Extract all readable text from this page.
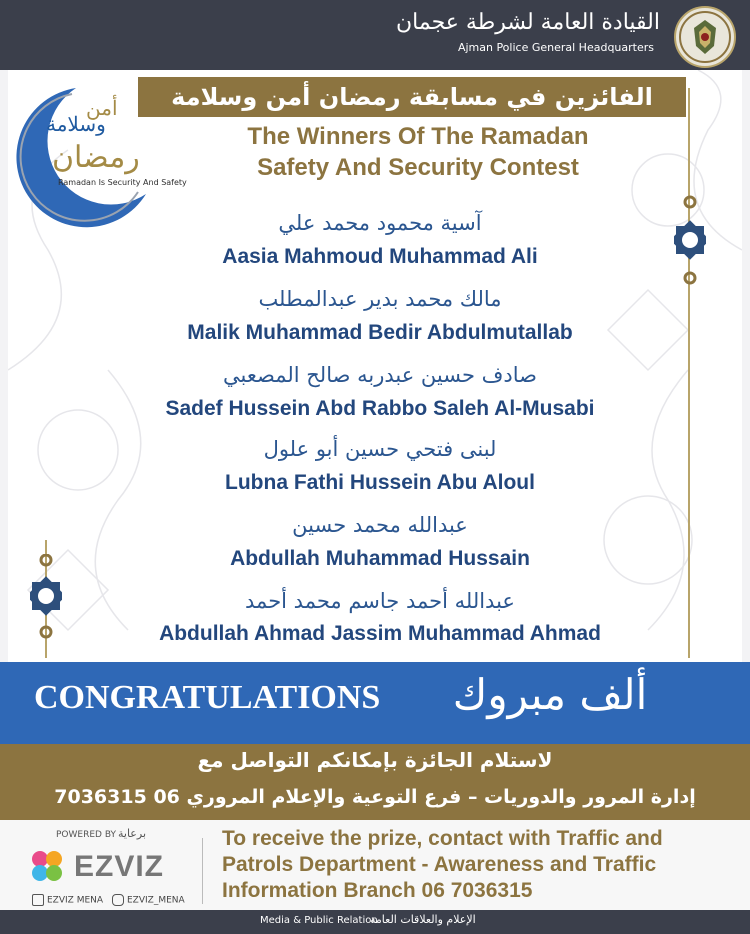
القيادة العامة لشرطة عجمان
Ajman Police General Headquarters
أمن
وسلامة
رمضان
Ramadan Is Security And Safety
الفائزين في مسابقة رمضان أمن وسلامة
The Winners Of The Ramadan
Safety And Security Contest
آسية محمود محمد علي
Aasia Mahmoud Muhammad Ali
مالك محمد بدير عبدالمطلب
Malik Muhammad Bedir Abdulmutallab
صادف حسين عبدربه صالح المصعبي
Sadef Hussein Abd Rabbo Saleh Al-Musabi
لبنى فتحي حسين أبو علول
Lubna Fathi Hussein Abu Aloul
عبدالله محمد حسين
Abdullah Muhammad Hussain
عبدالله أحمد جاسم محمد أحمد
Abdullah Ahmad Jassim Muhammad Ahmad
CONGRATULATIONS	ألف مبروك
لاستلام الجائزة بإمكانكم التواصل مع
إدارة المرور والدوريات – فرع التوعية والإعلام المروري 06 7036315
POWERED BY برعاية
EZVIZ
EZVIZ MENA	EZVIZ_MENA
To receive the prize, contact with Traffic and
Patrols Department - Awareness and Traffic
Information Branch 06 7036315
Media & Public Relation
الإعلام والعلاقات العامة
